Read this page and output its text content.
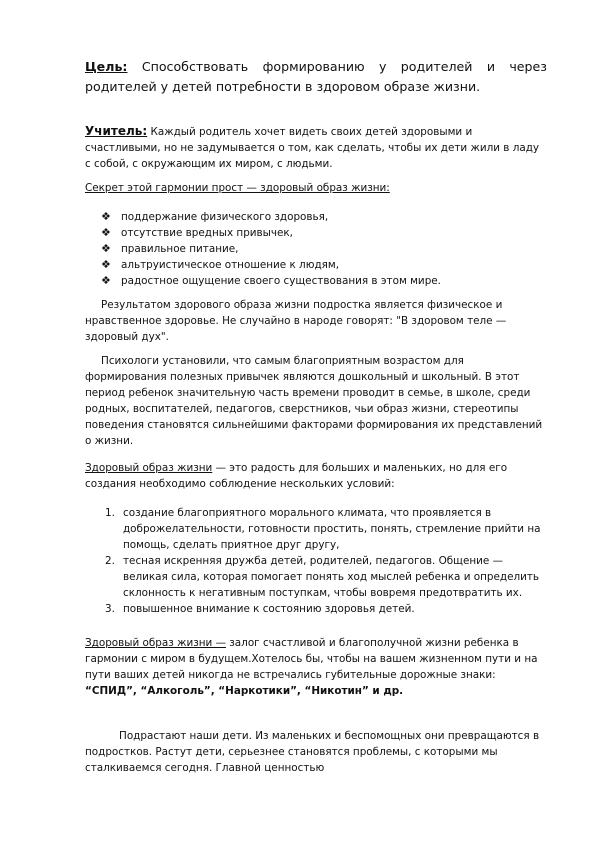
Цель: Способствовать формированию у родителей и через родителей у детей потребности в здоровом образе жизни.
Учитель: Каждый родитель хочет видеть своих детей здоровыми и счастливыми, но не задумывается о том, как сделать, чтобы их дети жили в ладу с собой, с окружающим их миром, с людьми.
Секрет этой гармонии прост — здоровый образ жизни:
❖ поддержание физического здоровья,
❖ отсутствие вредных привычек,
❖ правильное питание,
❖ альтруистическое отношение к людям,
❖ радостное ощущение своего существования в этом мире.
Результатом здорового образа жизни подростка является физическое и нравственное здоровье. Не случайно в народе говорят: "В здоровом теле — здоровый дух".
Психологи установили, что самым благоприятным возрастом для формирования полезных привычек являются дошкольный и школьный. В этот период ребенок значительную часть времени проводит в семье, в школе, среди родных, воспитателей, педагогов, сверстников, чьи образ жизни, стереотипы поведения становятся сильнейшими факторами формирования их представлений о жизни.
Здоровый образ жизни — это радость для больших и маленьких, но для его создания необходимо соблюдение нескольких условий:
1. создание благоприятного морального климата, что проявляется в доброжелательности, готовности простить, понять, стремление прийти на помощь, сделать приятное друг другу,
2. тесная искренняя дружба детей, родителей, педагогов. Общение — великая сила, которая помогает понять ход мыслей ребенка и определить склонность к негативным поступкам, чтобы вовремя предотвратить их.
3. повышенное внимание к состоянию здоровья детей.
Здоровый образ жизни — залог счастливой и благополучной жизни ребенка в гармонии с миром в будущем.Хотелось бы, чтобы на вашем жизненном пути и на пути ваших детей никогда не встречались губительные дорожные знаки: “СПИД”, “Алкоголь”, “Наркотики”, “Никотин” и др.
Подрастают наши дети. Из маленьких и беспомощных они превращаются в подростков. Растут дети, серьезнее становятся проблемы, с которыми мы сталкиваемся сегодня. Главной ценностью
